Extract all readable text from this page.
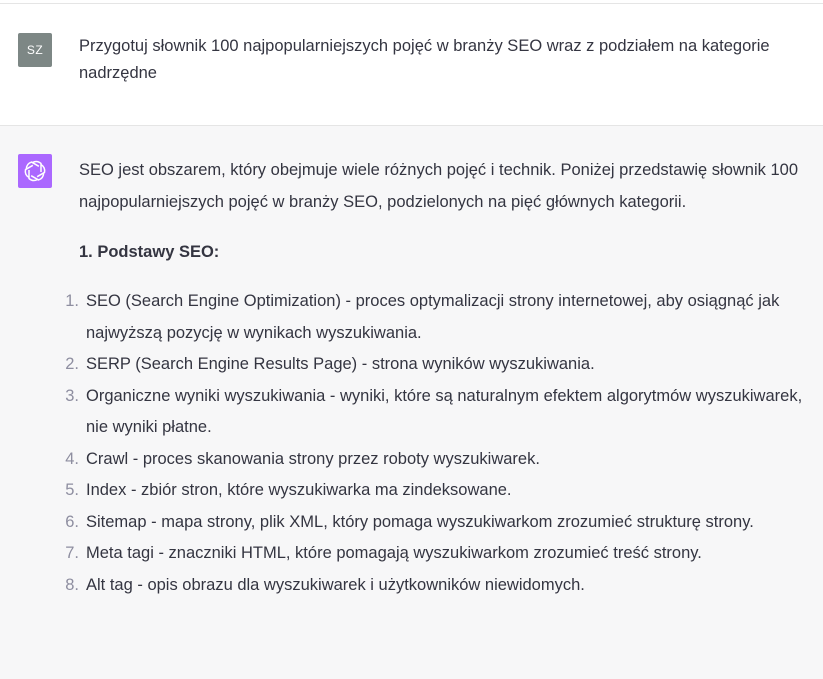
SZ	Przygotuj słownik 100 najpopularniejszych pojęć w branży SEO wraz z podziałem na kategorie nadrzędne
SEO jest obszarem, który obejmuje wiele różnych pojęć i technik. Poniżej przedstawię słownik 100 najpopularniejszych pojęć w branży SEO, podzielonych na pięć głównych kategorii.
1. Podstawy SEO:
1. SEO (Search Engine Optimization) - proces optymalizacji strony internetowej, aby osiągnąć jak najwyższą pozycję w wynikach wyszukiwania.
2. SERP (Search Engine Results Page) - strona wyników wyszukiwania.
3. Organiczne wyniki wyszukiwania - wyniki, które są naturalnym efektem algorytmów wyszukiwarek, nie wyniki płatne.
4. Crawl - proces skanowania strony przez roboty wyszukiwarek.
5. Index - zbiór stron, które wyszukiwarka ma zindeksowane.
6. Sitemap - mapa strony, plik XML, który pomaga wyszukiwarkom zrozumieć strukturę strony.
7. Meta tagi - znaczniki HTML, które pomagają wyszukiwarkom zrozumieć treść strony.
8. Alt tag - opis obrazu dla wyszukiwarek i użytkowników niewidomych.
